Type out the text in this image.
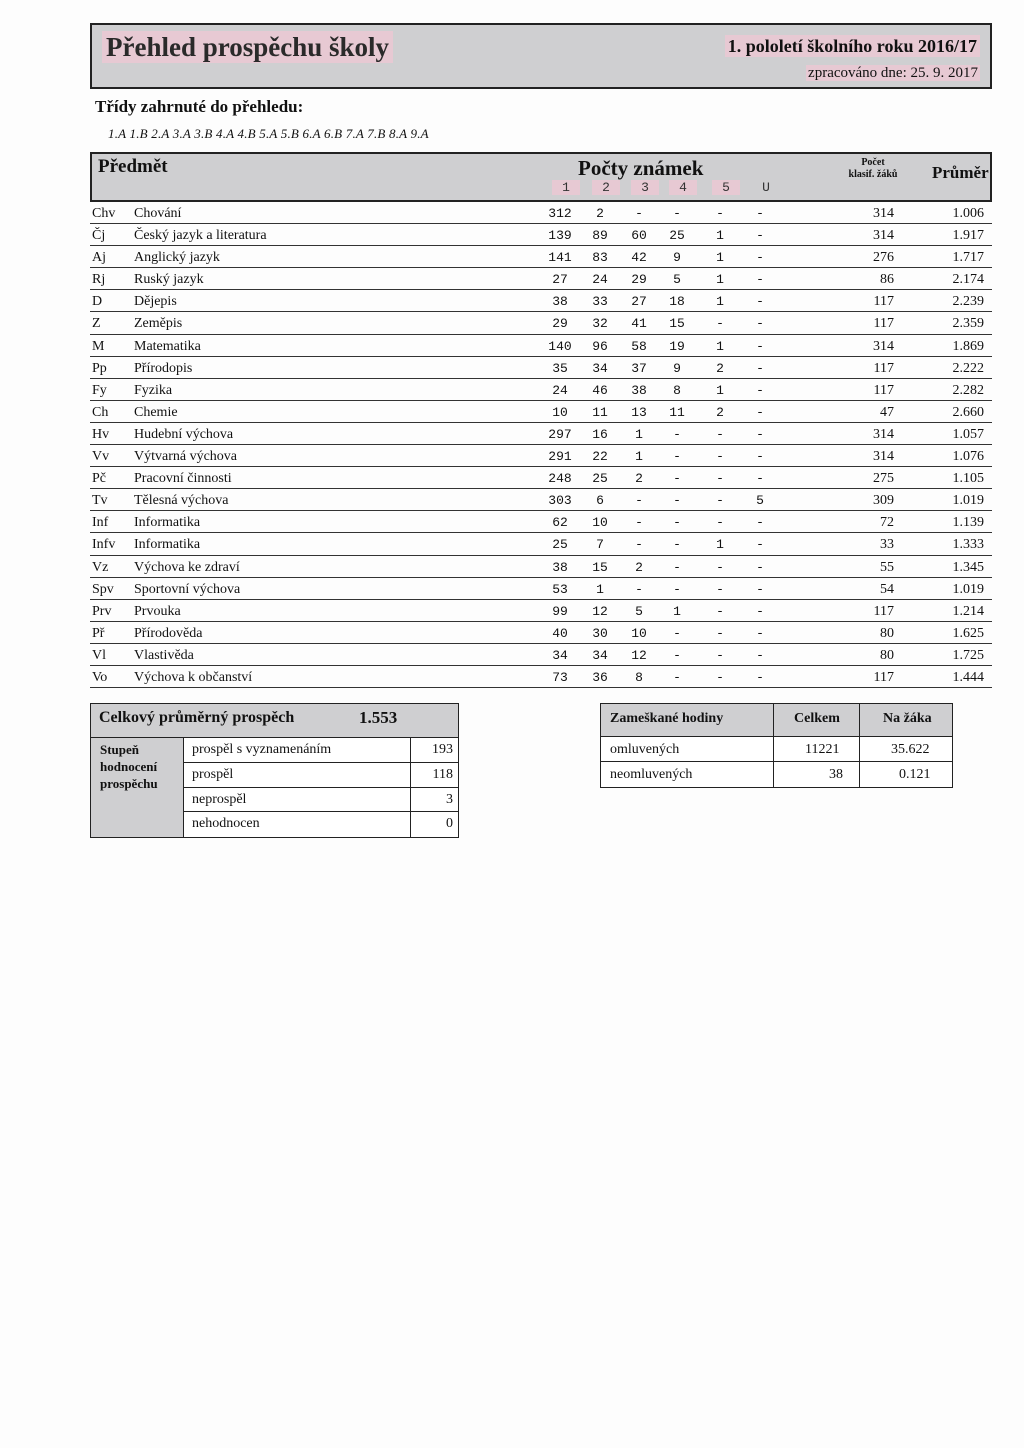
Přehled prospěchu školy	1. pololetí školního roku 2016/17
zpracováno dne: 25. 9. 2017
Třídy zahrnuté do přehledu:
1.A 1.B 2.A 3.A 3.B 4.A 4.B 5.A 5.B 6.A 6.B 7.A 7.B 8.A 9.A
Předmět	Počty známek
1	2	3	4	5	U
Počet
klasif. žáků	Průměr
Chv Chování	312	2	-	-	-	-	314	1.006
Čj Český jazyk a literatura	139	89	60	25	1	-	314	1.917
Aj Anglický jazyk	141	83	42	9	1	-	276	1.717
Rj Ruský jazyk	27	24	29	5	1	-	86	2.174
D Dějepis	38	33	27	18	1	-	117	2.239
Z Zeměpis	29	32	41	15	-	-	117	2.359
M Matematika	140	96	58	19	1	-	314	1.869
Pp Přírodopis	35	34	37	9	2	-	117	2.222
Fy Fyzika	24	46	38	8	1	-	117	2.282
Ch Chemie	10	11	13	11	2	-	47	2.660
Hv Hudební výchova	297	16	1	-	-	-	314	1.057
Vv Výtvarná výchova	291	22	1	-	-	-	314	1.076
Pč Pracovní činnosti	248	25	2	-	-	-	275	1.105
Tv Tělesná výchova	303	6	-	-	-	5	309	1.019
Inf Informatika	62	10	-	-	-	-	72	1.139
Infv Informatika	25	7	-	-	1	-	33	1.333
Vz Výchova ke zdraví	38	15	2	-	-	-	55	1.345
Spv Sportovní výchova	53	1	-	-	-	-	54	1.019
Prv Prvouka	99	12	5	1	-	-	117	1.214
Př Přírodověda	40	30	10	-	-	-	80	1.625
Vl Vlastivěda	34	34	12	-	-	-	80	1.725
Vo Výchova k občanství	73	36	8	-	-	-	117	1.444
Celkový průměrný prospěch	1.553
Stupeň
hodnocení
prospěchu
prospěl s vyznamenáním	193
prospěl	118
neprospěl	3
nehodnocen	0
Zameškané hodiny	Celkem	Na žáka
omluvených	11221	35.622
neomluvených	38	0.121
